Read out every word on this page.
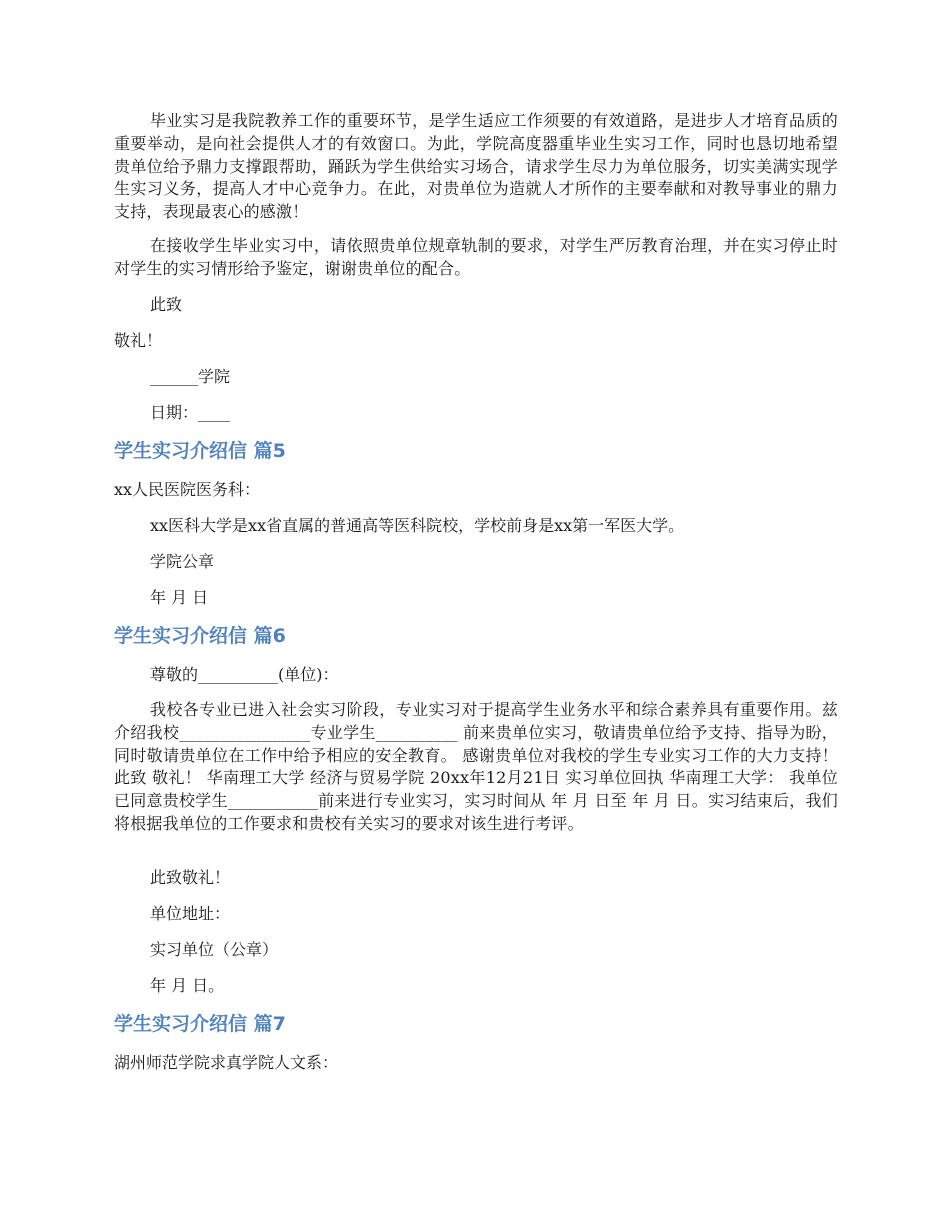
毕业实习是我院教养工作的重要环节，是学生适应工作须要的有效道路，是进步人才培育品质的重要举动，是向社会提供人才的有效窗口。为此，学院高度器重毕业生实习工作，同时也恳切地希望贵单位给予鼎力支撑跟帮助，踊跃为学生供给实习场合，请求学生尽力为单位服务，切实美满实现学生实习义务，提高人才中心竞争力。在此，对贵单位为造就人才所作的主要奉献和对教导事业的鼎力支持，表现最衷心的感激！

在接收学生毕业实习中，请依照贵单位规章轨制的要求，对学生严厉教育治理，并在实习停止时对学生的实习情形给予鉴定，谢谢贵单位的配合。

此致

敬礼！

______学院

日期：____

学生实习介绍信 篇5

xx人民医院医务科：

xx医科大学是xx省直属的普通高等医科院校，学校前身是xx第一军医大学。

学院公章

年 月 日

学生实习介绍信 篇6

尊敬的__________(单位)：

我校各专业已进入社会实习阶段，专业实习对于提高学生业务水平和综合素养具有重要作用。兹介绍我校________________专业学生__________ 前来贵单位实习，敬请贵单位给予支持、指导为盼，同时敬请贵单位在工作中给予相应的安全教育。 感谢贵单位对我校的学生专业实习工作的大力支持！ 此致 敬礼！ 华南理工大学 经济与贸易学院 20xx年12月21日 实习单位回执 华南理工大学： 我单位已同意贵校学生___________前来进行专业实习，实习时间从 年 月 日至 年 月 日。实习结束后，我们将根据我单位的工作要求和贵校有关实习的要求对该生进行考评。

此致敬礼！

单位地址：

实习单位（公章）

年 月 日。

学生实习介绍信 篇7

湖州师范学院求真学院人文系：
